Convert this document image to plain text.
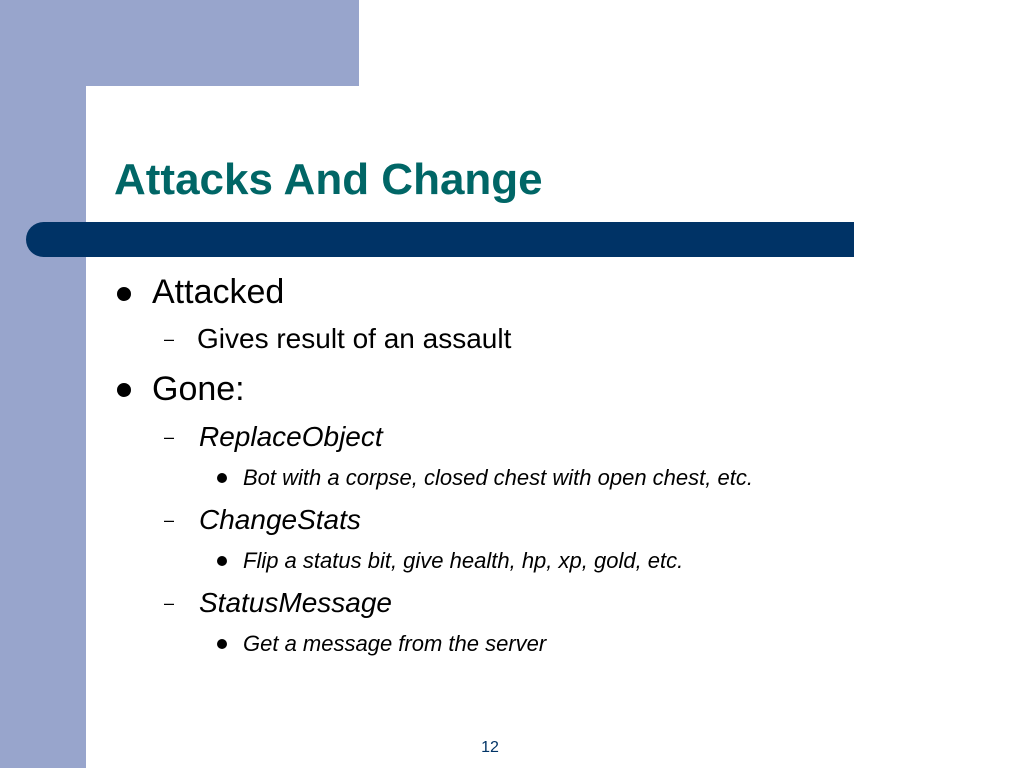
Attacks And Change
Attacked
– Gives result of an assault
Gone:
– ReplaceObject
Bot with a corpse, closed chest with open chest, etc.
– ChangeStats
Flip a status bit, give health, hp, xp, gold, etc.
– StatusMessage
Get a message from the server
12
